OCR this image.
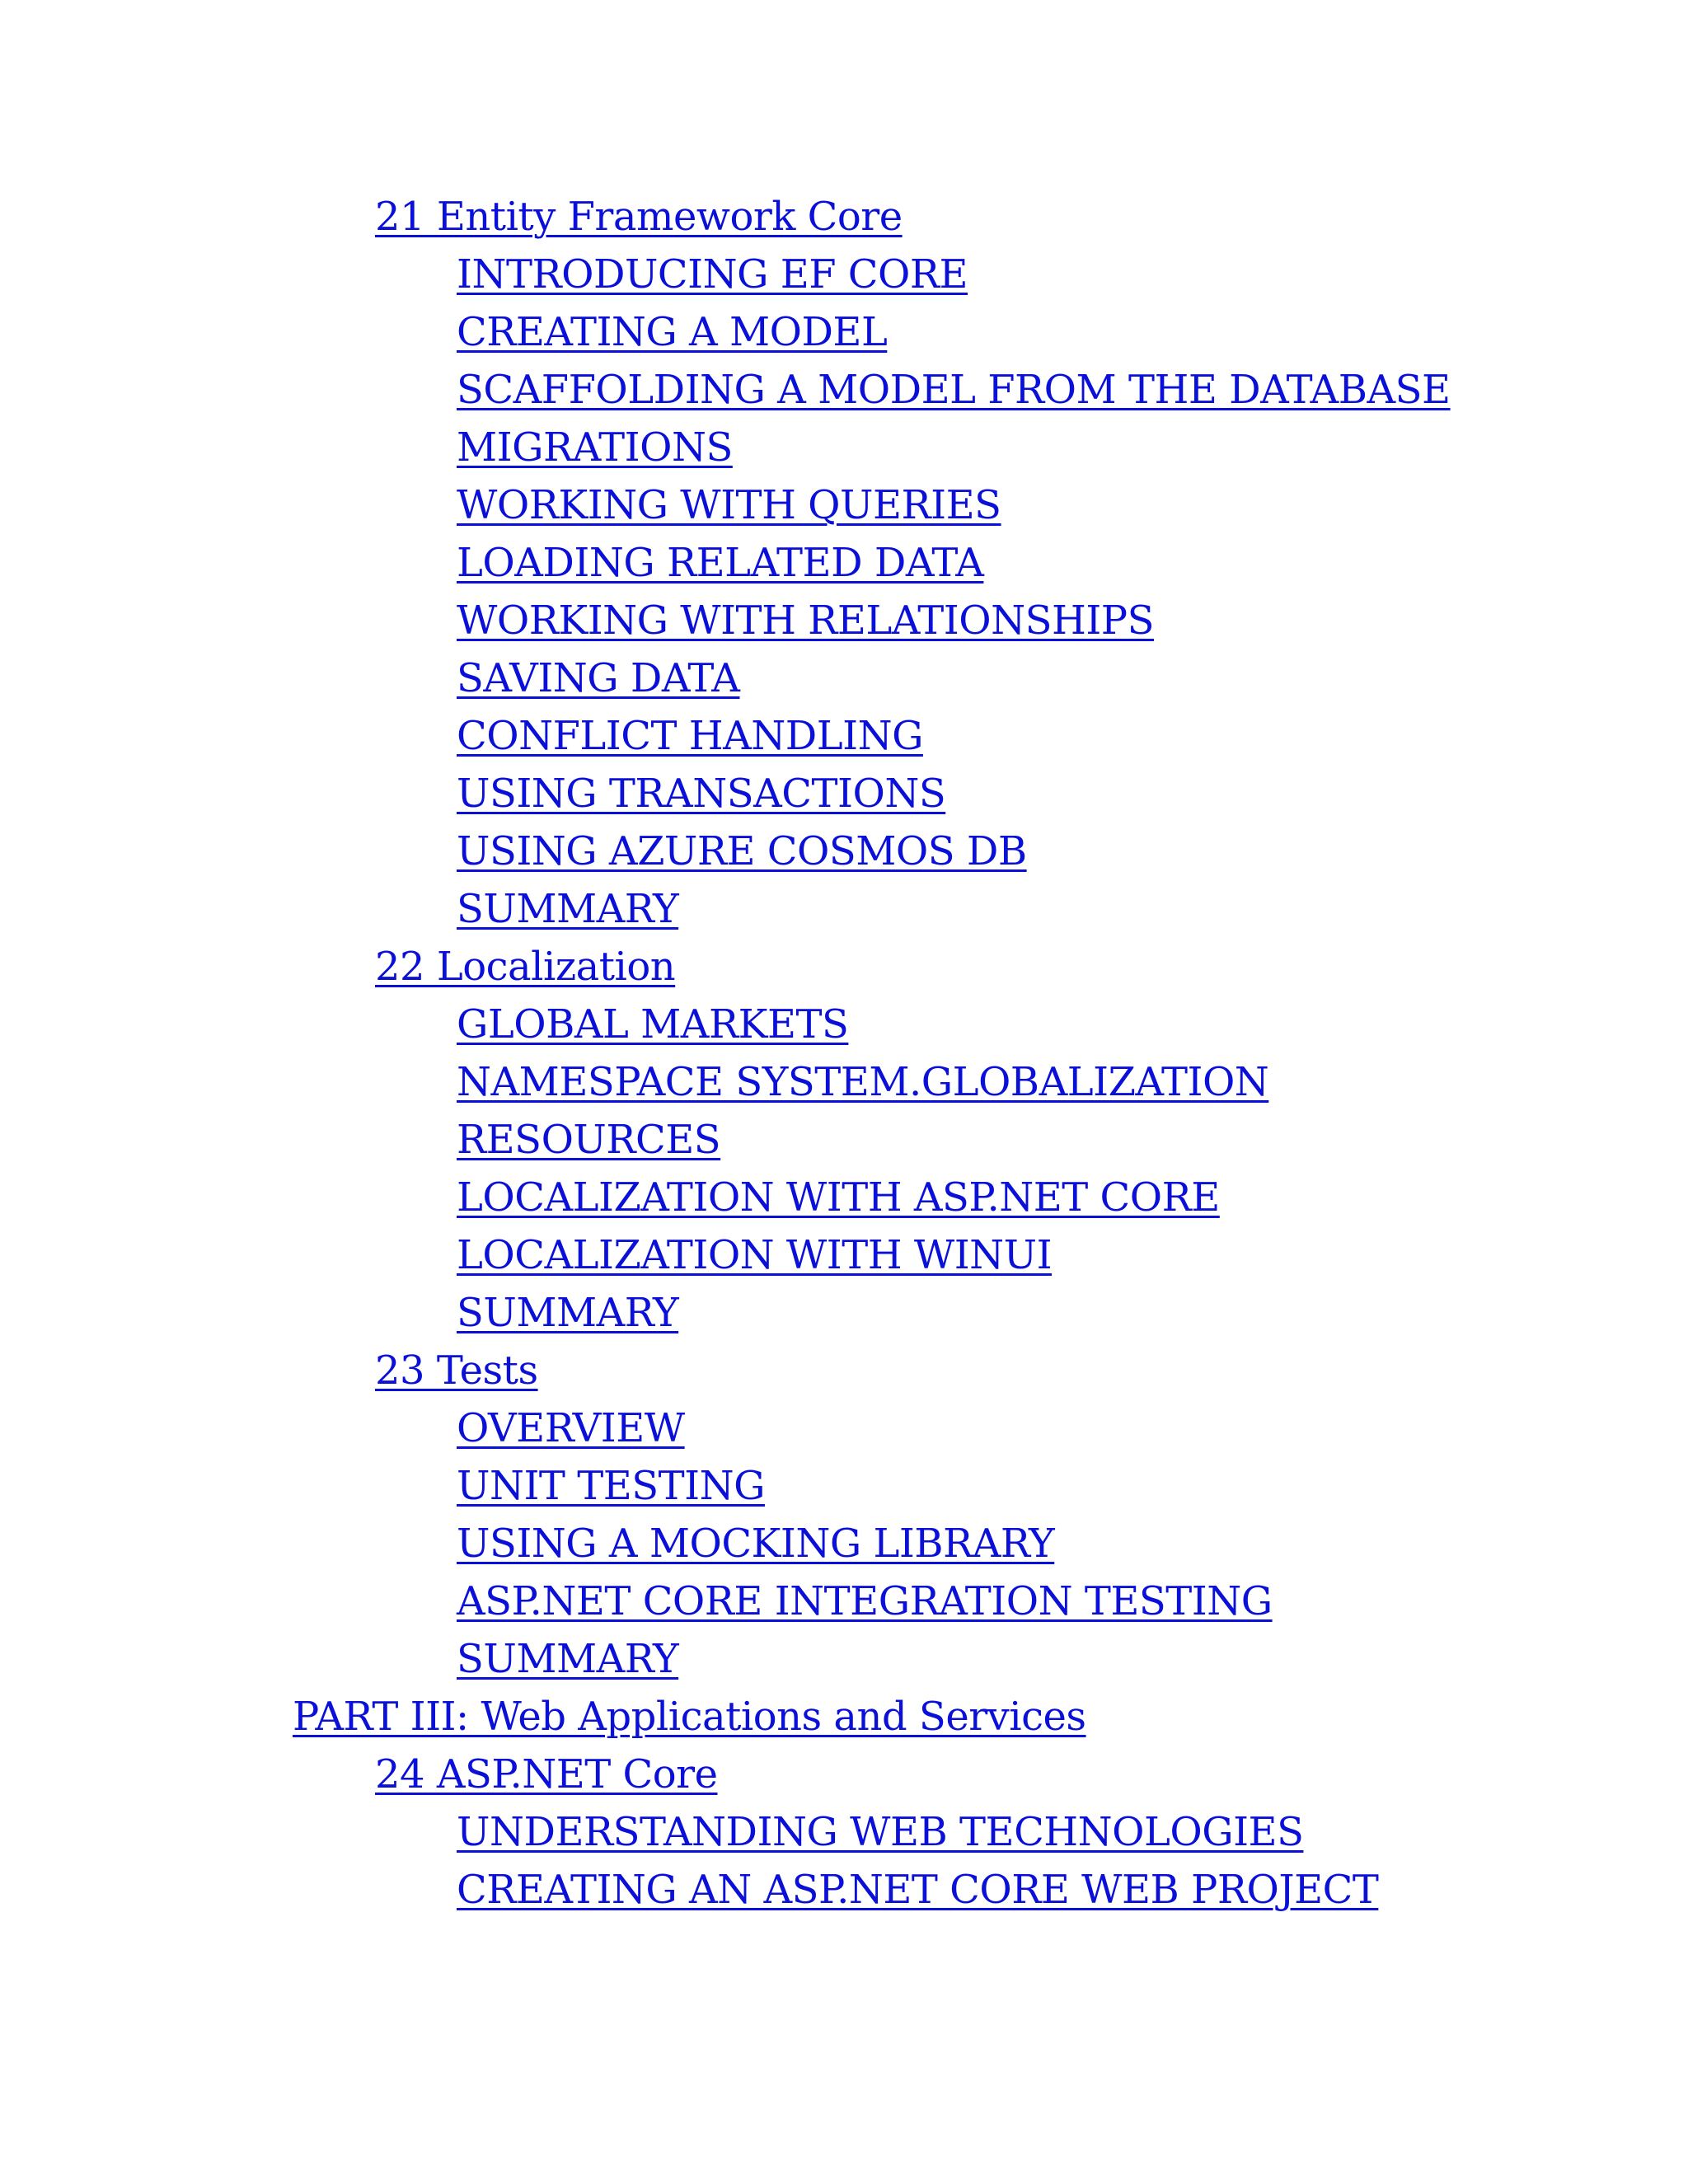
21 Entity Framework Core
INTRODUCING EF CORE
CREATING A MODEL
SCAFFOLDING A MODEL FROM THE DATABASE
MIGRATIONS
WORKING WITH QUERIES
LOADING RELATED DATA
WORKING WITH RELATIONSHIPS
SAVING DATA
CONFLICT HANDLING
USING TRANSACTIONS
USING AZURE COSMOS DB
SUMMARY
22 Localization
GLOBAL MARKETS
NAMESPACE SYSTEM.GLOBALIZATION
RESOURCES
LOCALIZATION WITH ASP.NET CORE
LOCALIZATION WITH WINUI
SUMMARY
23 Tests
OVERVIEW
UNIT TESTING
USING A MOCKING LIBRARY
ASP.NET CORE INTEGRATION TESTING
SUMMARY
PART III: Web Applications and Services
24 ASP.NET Core
UNDERSTANDING WEB TECHNOLOGIES
CREATING AN ASP.NET CORE WEB PROJECT
